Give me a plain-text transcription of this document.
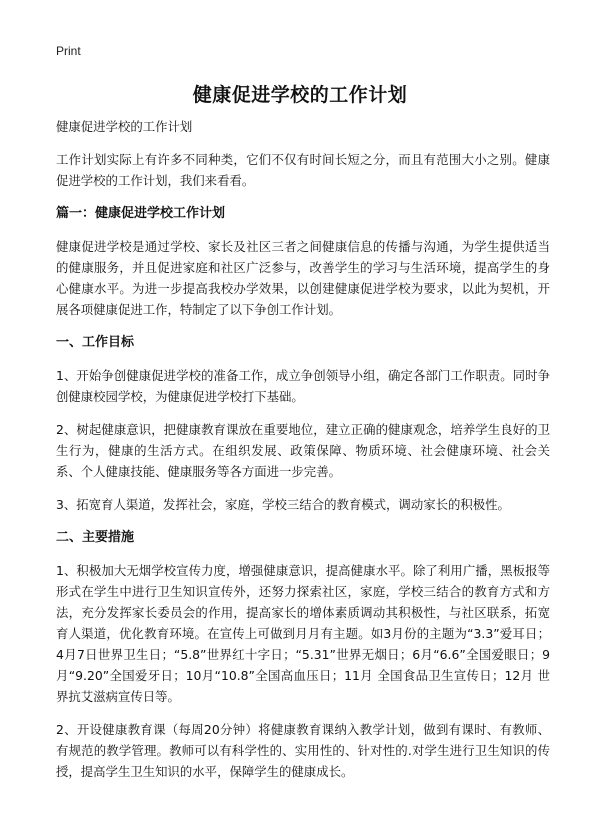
Print
健康促进学校的工作计划

健康促进学校的工作计划

工作计划实际上有许多不同种类，它们不仅有时间长短之分，而且有范围大小之别。健康促进学校的工作计划，我们来看看。

篇一：健康促进学校工作计划

健康促进学校是通过学校、家长及社区三者之间健康信息的传播与沟通，为学生提供适当的健康服务，并且促进家庭和社区广泛参与，改善学生的学习与生活环境，提高学生的身心健康水平。为进一步提高我校办学效果，以创建健康促进学校为要求，以此为契机，开展各项健康促进工作，特制定了以下争创工作计划。

一、工作目标

1、开始争创健康促进学校的准备工作，成立争创领导小组，确定各部门工作职责。同时争创健康校园学校，为健康促进学校打下基础。

2、树起健康意识，把健康教育课放在重要地位，建立正确的健康观念，培养学生良好的卫生行为，健康的生活方式。在组织发展、政策保障、物质环境、社会健康环境、社会关系、个人健康技能、健康服务等各方面进一步完善。

3、拓宽育人渠道，发挥社会，家庭，学校三结合的教育模式，调动家长的积极性。

二、主要措施

1、积极加大无烟学校宣传力度，增强健康意识，提高健康水平。除了利用广播，黑板报等形式在学生中进行卫生知识宣传外，还努力探索社区，家庭，学校三结合的教育方式和方法，充分发挥家长委员会的作用，提高家长的增体素质调动其积极性，与社区联系，拓宽育人渠道，优化教育环境。在宣传上可做到月月有主题。如3月份的主题为“3.3”爱耳日；4月7日世界卫生日；“5.8”世界红十字日；“5.31”世界无烟日；6月“6.6”全国爱眼日；9月“9.20”全国爱牙日；10月“10.8”全国高血压日；11月 全国食品卫生宣传日；12月 世界抗艾滋病宣传日等。

2、开设健康教育课（每周20分钟）将健康教育课纳入教学计划，做到有课时、有教师、有规范的教学管理。教师可以有科学性的、实用性的、针对性的.对学生进行卫生知识的传授，提高学生卫生知识的水平，保障学生的健康成长。
